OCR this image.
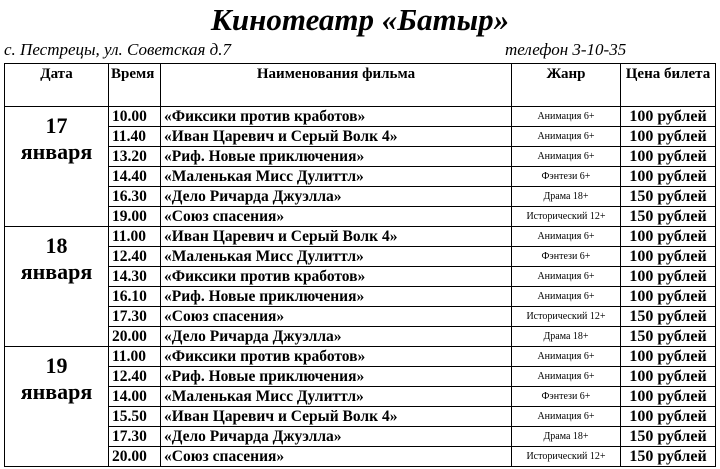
Кинотеатр «Батыр»
с. Пестрецы, ул. Советская д.7	телефон 3-10-35
Дата	Время	Наименования фильма	Жанр	Цена билета

17
января	10.00	«Фиксики против кработов»	Анимация 6+	100 рублей
	11.40	«Иван Царевич и Серый Волк 4»	Анимация 6+	100 рублей
	13.20	«Риф. Новые приключения»	Анимация 6+	100 рублей
	14.40	«Маленькая Мисс Дулиттл»	Фэнтези 6+	100 рублей
	16.30	«Дело Ричарда Джуэлла»	Драма 18+	150 рублей
	19.00	«Союз спасения»	Исторический 12+	150 рублей

18
января	11.00	«Иван Царевич и Серый Волк 4»	Анимация 6+	100 рублей
	12.40	«Маленькая Мисс Дулиттл»	Фэнтези 6+	100 рублей
	14.30	«Фиксики против кработов»	Анимация 6+	100 рублей
	16.10	«Риф. Новые приключения»	Анимация 6+	100 рублей
	17.30	«Союз спасения»	Исторический 12+	150 рублей
	20.00	«Дело Ричарда Джуэлла»	Драма 18+	150 рублей

19
января	11.00	«Фиксики против кработов»	Анимация 6+	100 рублей
	12.40	«Риф. Новые приключения»	Анимация 6+	100 рублей
	14.00	«Маленькая Мисс Дулиттл»	Фэнтези 6+	100 рублей
	15.50	«Иван Царевич и Серый Волк 4»	Анимация 6+	100 рублей
	17.30	«Дело Ричарда Джуэлла»	Драма 18+	150 рублей
	20.00	«Союз спасения»	Исторический 12+	150 рублей
